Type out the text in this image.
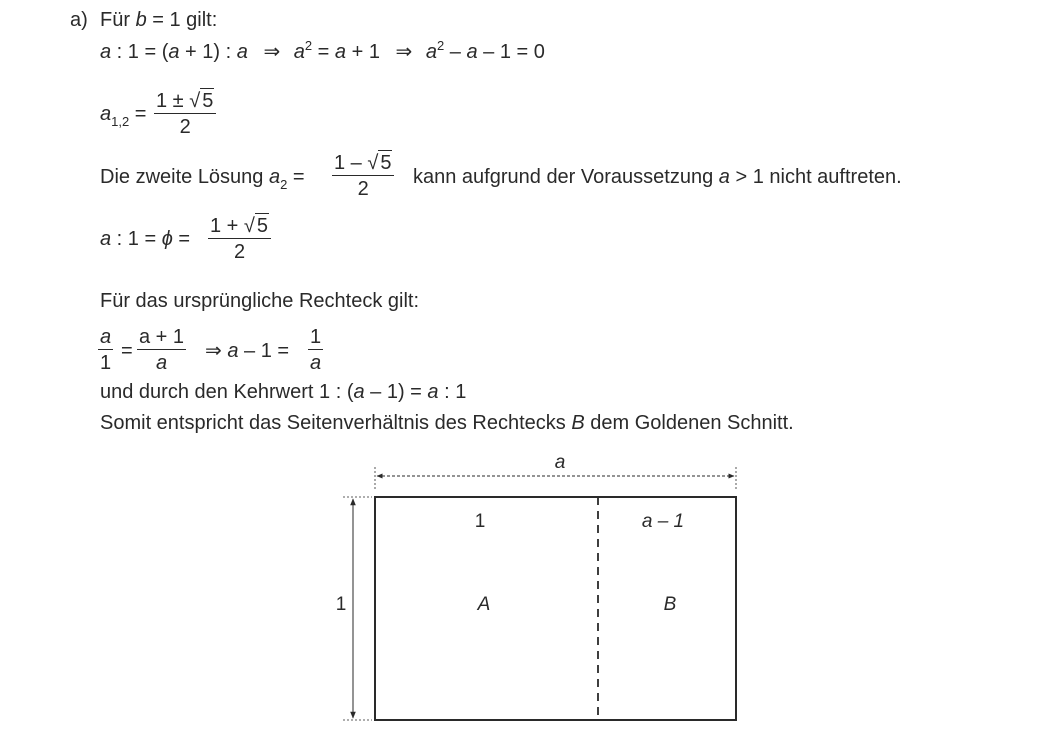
a) Für b = 1 gilt:
a : 1 = (a + 1) : a ⇒ $a^2 = a + 1$ ⇒ $a^2 - a - 1 = 0$
$a_{1,2}$ =
1 ± √ 5
2
Die zweite Lösung $a_2$ =
1 – √ 5
2
kann aufgrund der Voraussetzung a > 1 nicht auftreten.
a : 1 = ϕ =
1 + √ 5
2
Für das ursprüngliche Rechteck gilt:
a
1
=
a + 1
a
⇒ a – 1 =
1
a
und durch den Kehrwert 1 : (a – 1) = a : 1
Somit entspricht das Seitenverhältnis des Rechtecks B dem Goldenen Schnitt.
a
1
1	a – 1
A	B
